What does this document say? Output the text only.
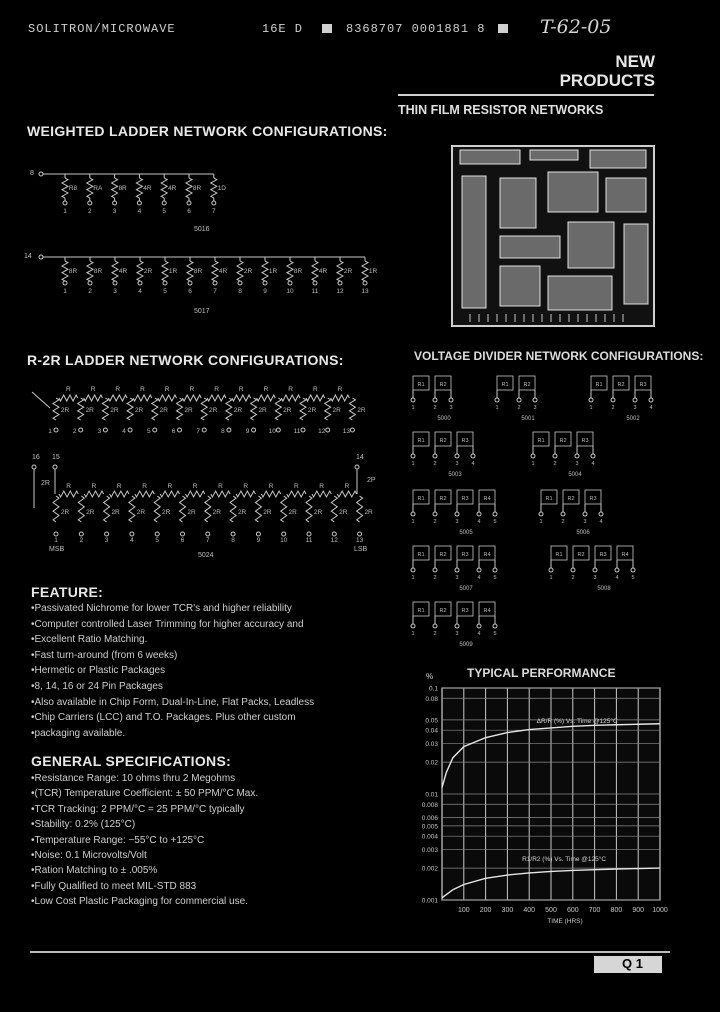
SOLITRON/MICROWAVE	16E D	8368707 0001881 8	T-62-05
NEW
PRODUCTS
THIN FILM RESISTOR NETWORKS
WEIGHTED LADDER NETWORK CONFIGURATIONS:
R8
1
RA
2
8R
3
4R
4
4R
5
8R
6
1D
7
8R
1
8R
2
4R
3
2R
4
1R
5
8R
6
4R
7
2R
8
1R
9
8R
10
4R
11
2R
12
1R
13
R
2R
1
R
2R
2
R
2R
3
R
2R
4
R
2R
5
R
2R
6
R
2R
7
R
2R
8
R
2R
9
R
2R
10
R
2R
11
R
2R
12
2R
13
R
2R
1
R
2R
2
R
2R
3
R
2R
4
R
2R
5
R
2R
6
R
2R
7
R
2R
8
R
2R
9
R
2R
10
R
2R
11
R
2R
12
2R
13
R1
1
R2
2 3
5000
R1
1
R2
2 3
5001
R1
1
R2
2
R3
3 4
5002
R1
1
R2
2
R3
3 4
5003
R1
1
R2
2
R3
3 4
5004
R1
1
R2
2
R3
3
R4
4 5
5005
R1
1
R2
2
R3
3 4
5006
R1
1
R2
2
R3
3
R4
4 5
5007
R1
1
R2
2
R3
3
R4
4 5
5008
R1
1
R2
2
R3
3
R4
4 5
5009
8
5016
14
5017
R-2R LADDER NETWORK CONFIGURATIONS:
16 15	14
2R	2P
MSB	LSB
5024
VOLTAGE DIVIDER NETWORK CONFIGURATIONS:
FEATURE:
• Passivated Nichrome for lower TCR's and higher reliability
• Computer controlled Laser Trimming for higher accuracy and
• Excellent Ratio Matching.
• Fast turn-around (from 6 weeks)
• Hermetic or Plastic Packages
• 8, 14, 16 or 24 Pin Packages
• Also available in Chip Form, Dual-In-Line, Flat Packs, Leadless
• Chip Carriers (LCC) and T.O. Packages. Plus other custom
• packaging available.
GENERAL SPECIFICATIONS:
• Resistance Range: 10 ohms thru 2 Megohms
• (TCR) Temperature Coefficient: ± 50 PPM/°C Max.
• TCR Tracking: 2 PPM/°C = 25 PPM/°C typically
• Stability: 0.2% (125°C)
• Temperature Range: −55°C to +125°C
• Noise: 0.1 Microvolts/Volt
• Ration Matching to ± .005%
• Fully Qualified to meet MIL-STD 883
• Low Cost Plastic Packaging for commercial use.
TYPICAL PERFORMANCE
%
100 200 300 400 500 600 700 800 900 1000
0.1
0.08
0.05
0.04
0.03
0.02
0.01
0.008
0.006
0.005
0.004
0.003
0.002
0.001
ΔR/R (%) Vs. Time @125°C
R1/R2 (%) Vs. Time @125°C
TIME (HRS)
Q 1
